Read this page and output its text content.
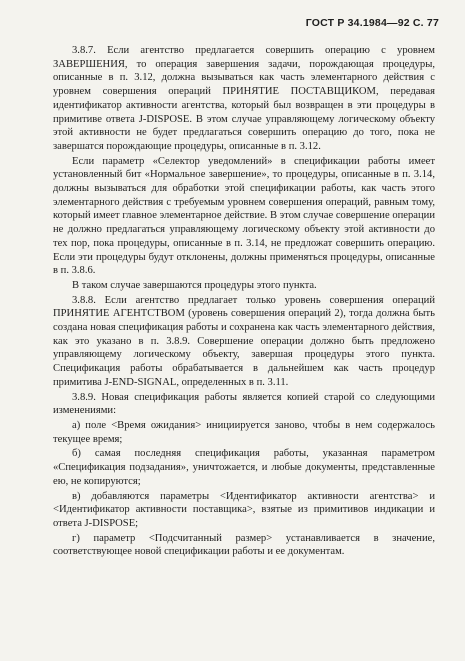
ГОСТ Р 34.1984—92 С. 77

3.8.7. Если агентство предлагается совершить операцию с уровнем ЗАВЕРШЕНИЯ, то операция завершения задачи, порождающая процедуры, описанные в п. 3.12, должна вызываться как часть элементарного действия с уровнем совершения операций ПРИНЯТИЕ ПОСТАВЩИКОМ, передавая идентификатор активности агентства, который был возвращен в эти процедуры в примитиве ответа J-DISPOSE. В этом случае управляющему логическому объекту этой активности не будет предлагаться совершить операцию до того, пока не завершатся порождающие процедуры, описанные в п. 3.12.

Если параметр «Селектор уведомлений» в спецификации работы имеет установленный бит «Нормальное завершение», то процедуры, описанные в п. 3.14, должны вызываться для обработки этой спецификации работы, как часть этого элементарного действия с требуемым уровнем совершения операций, равным тому, который имеет главное элементарное действие. В этом случае совершение операции не должно предлагаться управляющему логическому объекту этой активности до тех пор, пока процедуры, описанные в п. 3.14, не предложат совершить операцию. Если эти процедуры будут отклонены, должны применяться процедуры, описанные в п. 3.8.6.

В таком случае завершаются процедуры этого пункта.

3.8.8. Если агентство предлагает только уровень совершения операций ПРИНЯТИЕ АГЕНТСТВОМ (уровень совершения операций 2), тогда должна быть создана новая спецификация работы и сохранена как часть элементарного действия, как это указано в п. 3.8.9. Совершение операции должно быть предложено управляющему логическому объекту, завершая процедуры этого пункта. Спецификация работы обрабатывается в дальнейшем как часть процедур примитива J-END-SIGNAL, определенных в п. 3.11.

3.8.9. Новая спецификация работы является копией старой со следующими изменениями:

а) поле <Время ожидания> инициируется заново, чтобы в нем содержалось текущее время;

б) самая последняя спецификация работы, указанная параметром «Спецификация подзадания», уничтожается, и любые документы, представленные ею, не копируются;

в) добавляются параметры <Идентификатор активности агентства> и <Идентификатор активности поставщика>, взятые из примитивов индикации и ответа J-DISPOSE;

г) параметр <Подсчитанный размер> устанавливается в значение, соответствующее новой спецификации работы и ее документам.
